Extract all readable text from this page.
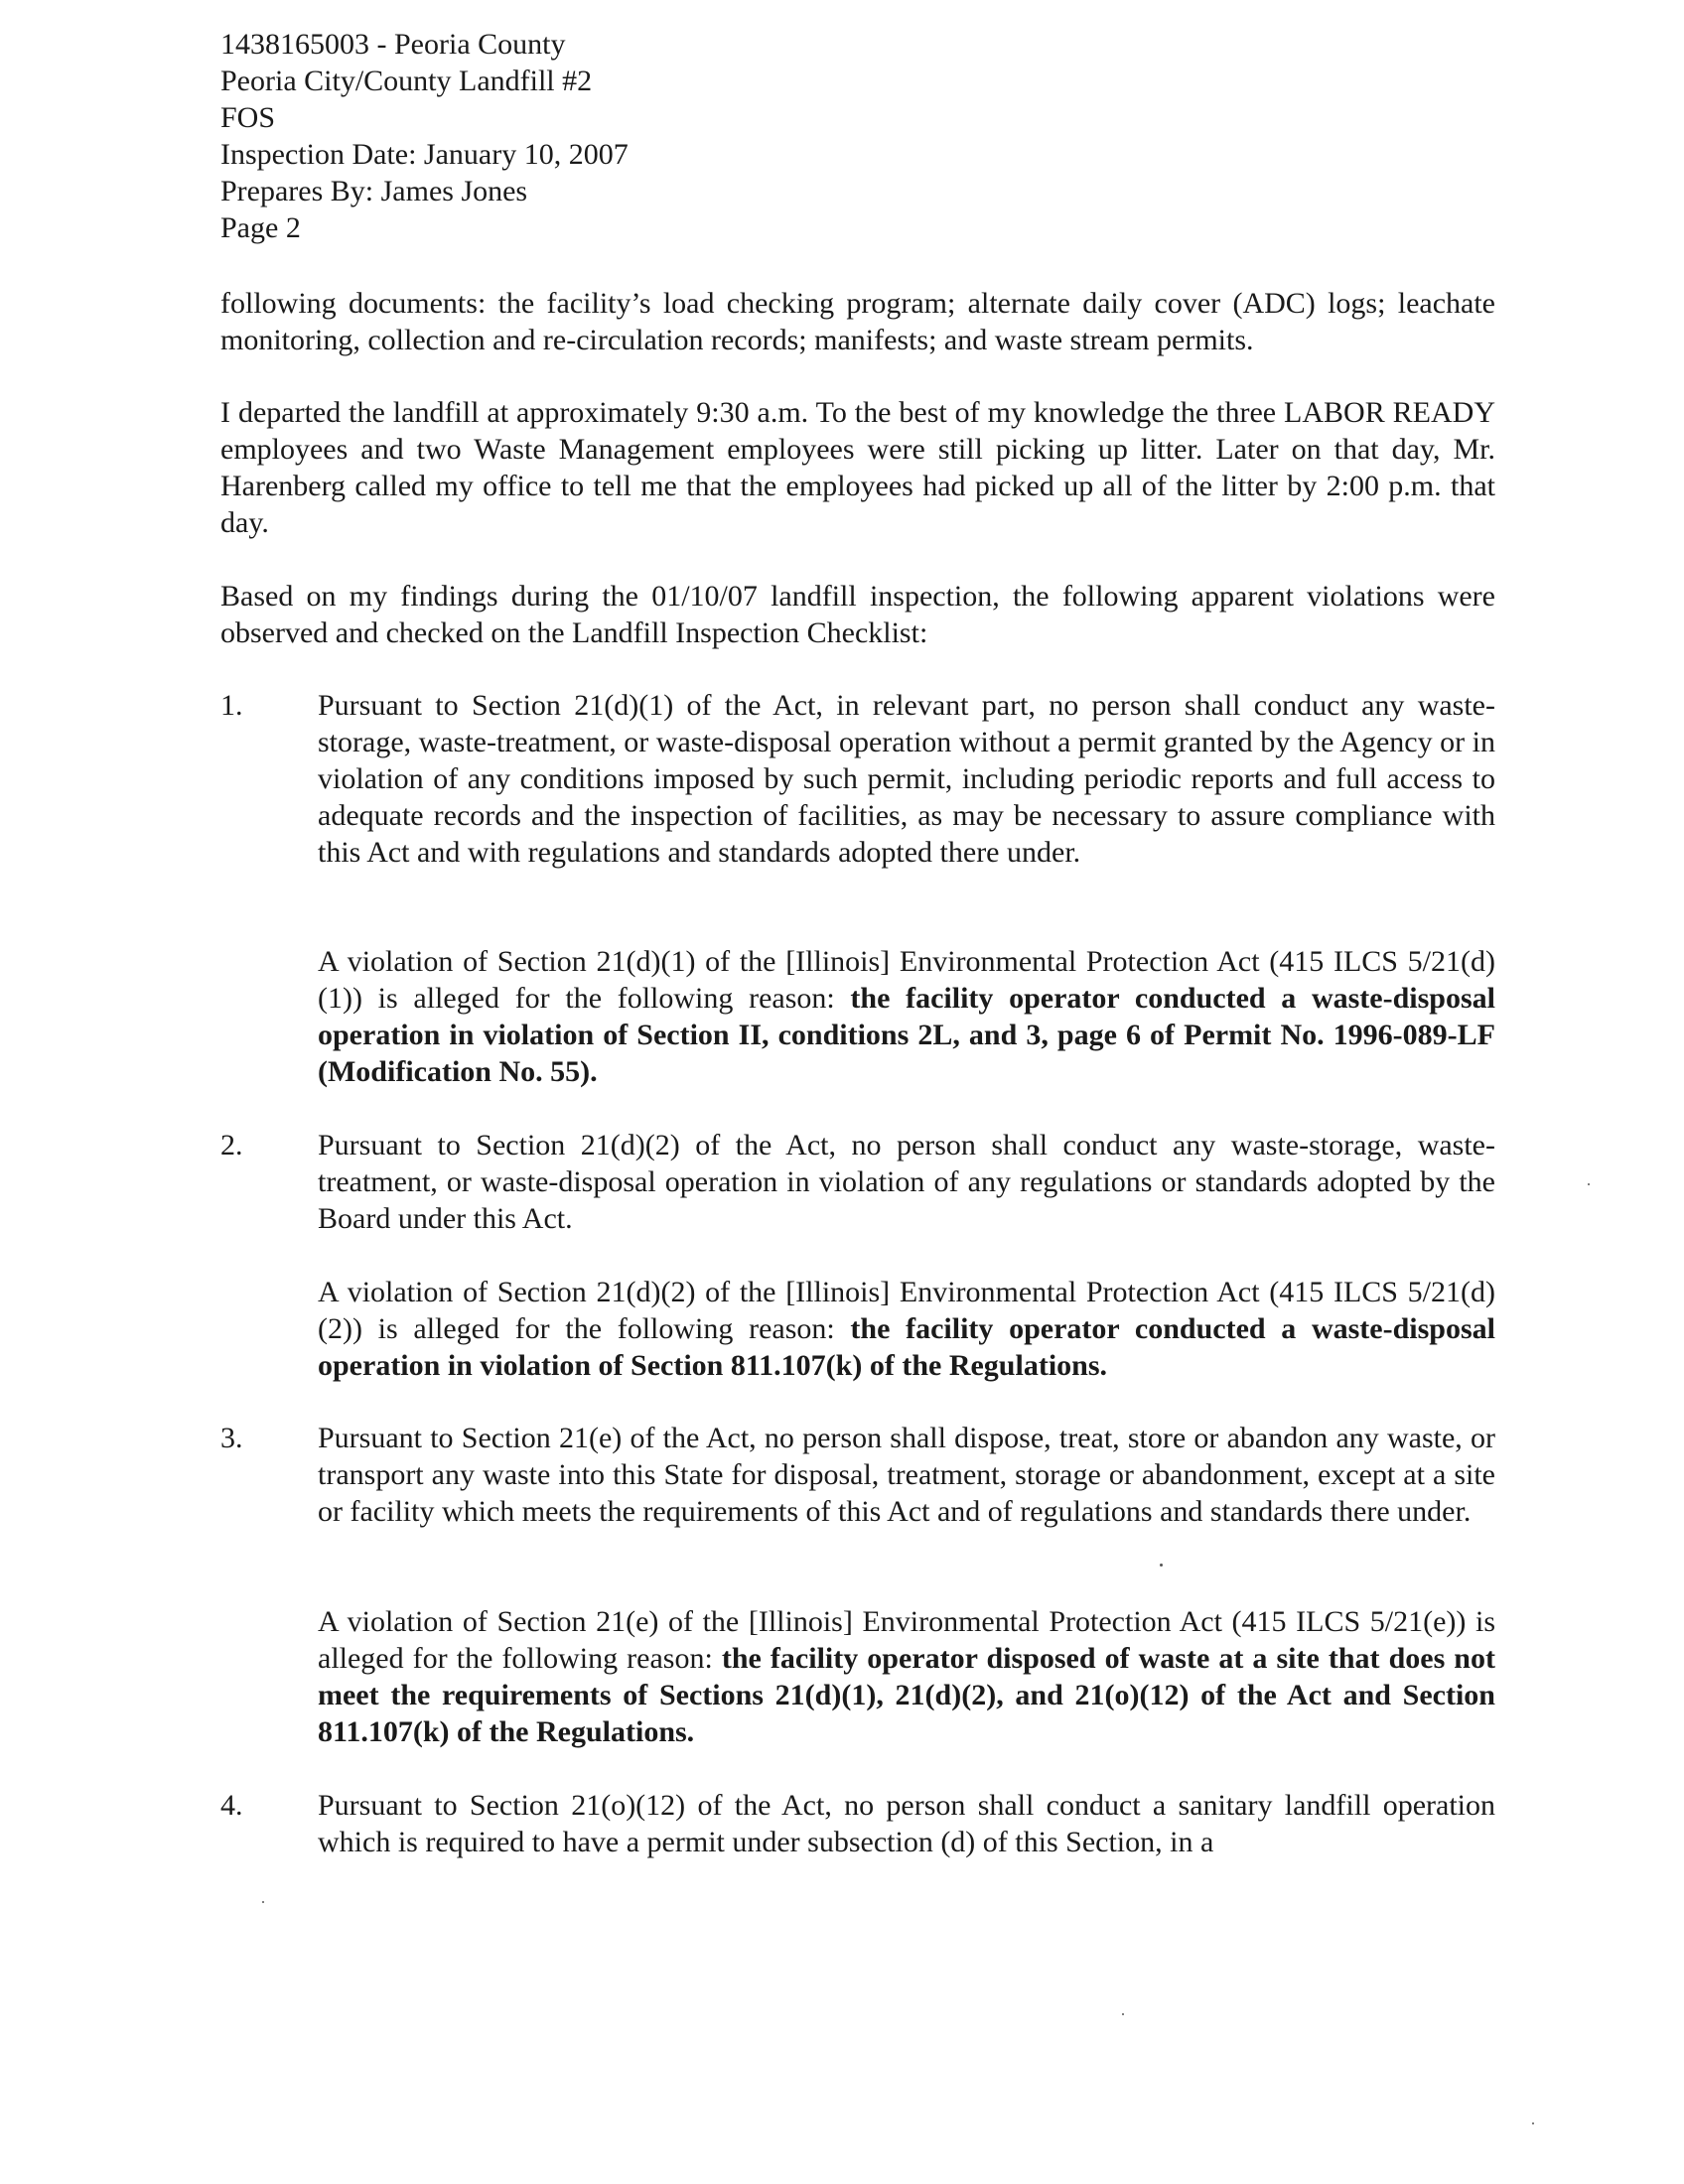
1438165003 - Peoria County
Peoria City/County Landfill #2
FOS
Inspection Date: January 10, 2007
Prepares By: James Jones
Page 2

following documents: the facility’s load checking program; alternate daily cover (ADC) logs; leachate monitoring, collection and re-circulation records; manifests; and waste stream permits.

I departed the landfill at approximately 9:30 a.m. To the best of my knowledge the three LABOR READY employees and two Waste Management employees were still picking up litter. Later on that day, Mr. Harenberg called my office to tell me that the employees had picked up all of the litter by 2:00 p.m. that day.

Based on my findings during the 01/10/07 landfill inspection, the following apparent violations were observed and checked on the Landfill Inspection Checklist:

1.	Pursuant to Section 21(d)(1) of the Act, in relevant part, no person shall conduct any waste-storage, waste-treatment, or waste-disposal operation without a permit granted by the Agency or in violation of any conditions imposed by such permit, including periodic reports and full access to adequate records and the inspection of facilities, as may be necessary to assure compliance with this Act and with regulations and standards adopted there under.

A violation of Section 21(d)(1) of the [Illinois] Environmental Protection Act (415 ILCS 5/21(d)(1)) is alleged for the following reason: the facility operator conducted a waste-disposal operation in violation of Section II, conditions 2L, and 3, page 6 of Permit No. 1996-089-LF (Modification No. 55).

2.	Pursuant to Section 21(d)(2) of the Act, no person shall conduct any waste-storage, waste-treatment, or waste-disposal operation in violation of any regulations or standards adopted by the Board under this Act.

A violation of Section 21(d)(2) of the [Illinois] Environmental Protection Act (415 ILCS 5/21(d)(2)) is alleged for the following reason: the facility operator conducted a waste-disposal operation in violation of Section 811.107(k) of the Regulations.

3.	Pursuant to Section 21(e) of the Act, no person shall dispose, treat, store or abandon any waste, or transport any waste into this State for disposal, treatment, storage or abandonment, except at a site or facility which meets the requirements of this Act and of regulations and standards there under.

A violation of Section 21(e) of the [Illinois] Environmental Protection Act (415 ILCS 5/21(e)) is alleged for the following reason: the facility operator disposed of waste at a site that does not meet the requirements of Sections 21(d)(1), 21(d)(2), and 21(o)(12) of the Act and Section 811.107(k) of the Regulations.

4.	Pursuant to Section 21(o)(12) of the Act, no person shall conduct a sanitary landfill operation which is required to have a permit under subsection (d) of this Section, in a
